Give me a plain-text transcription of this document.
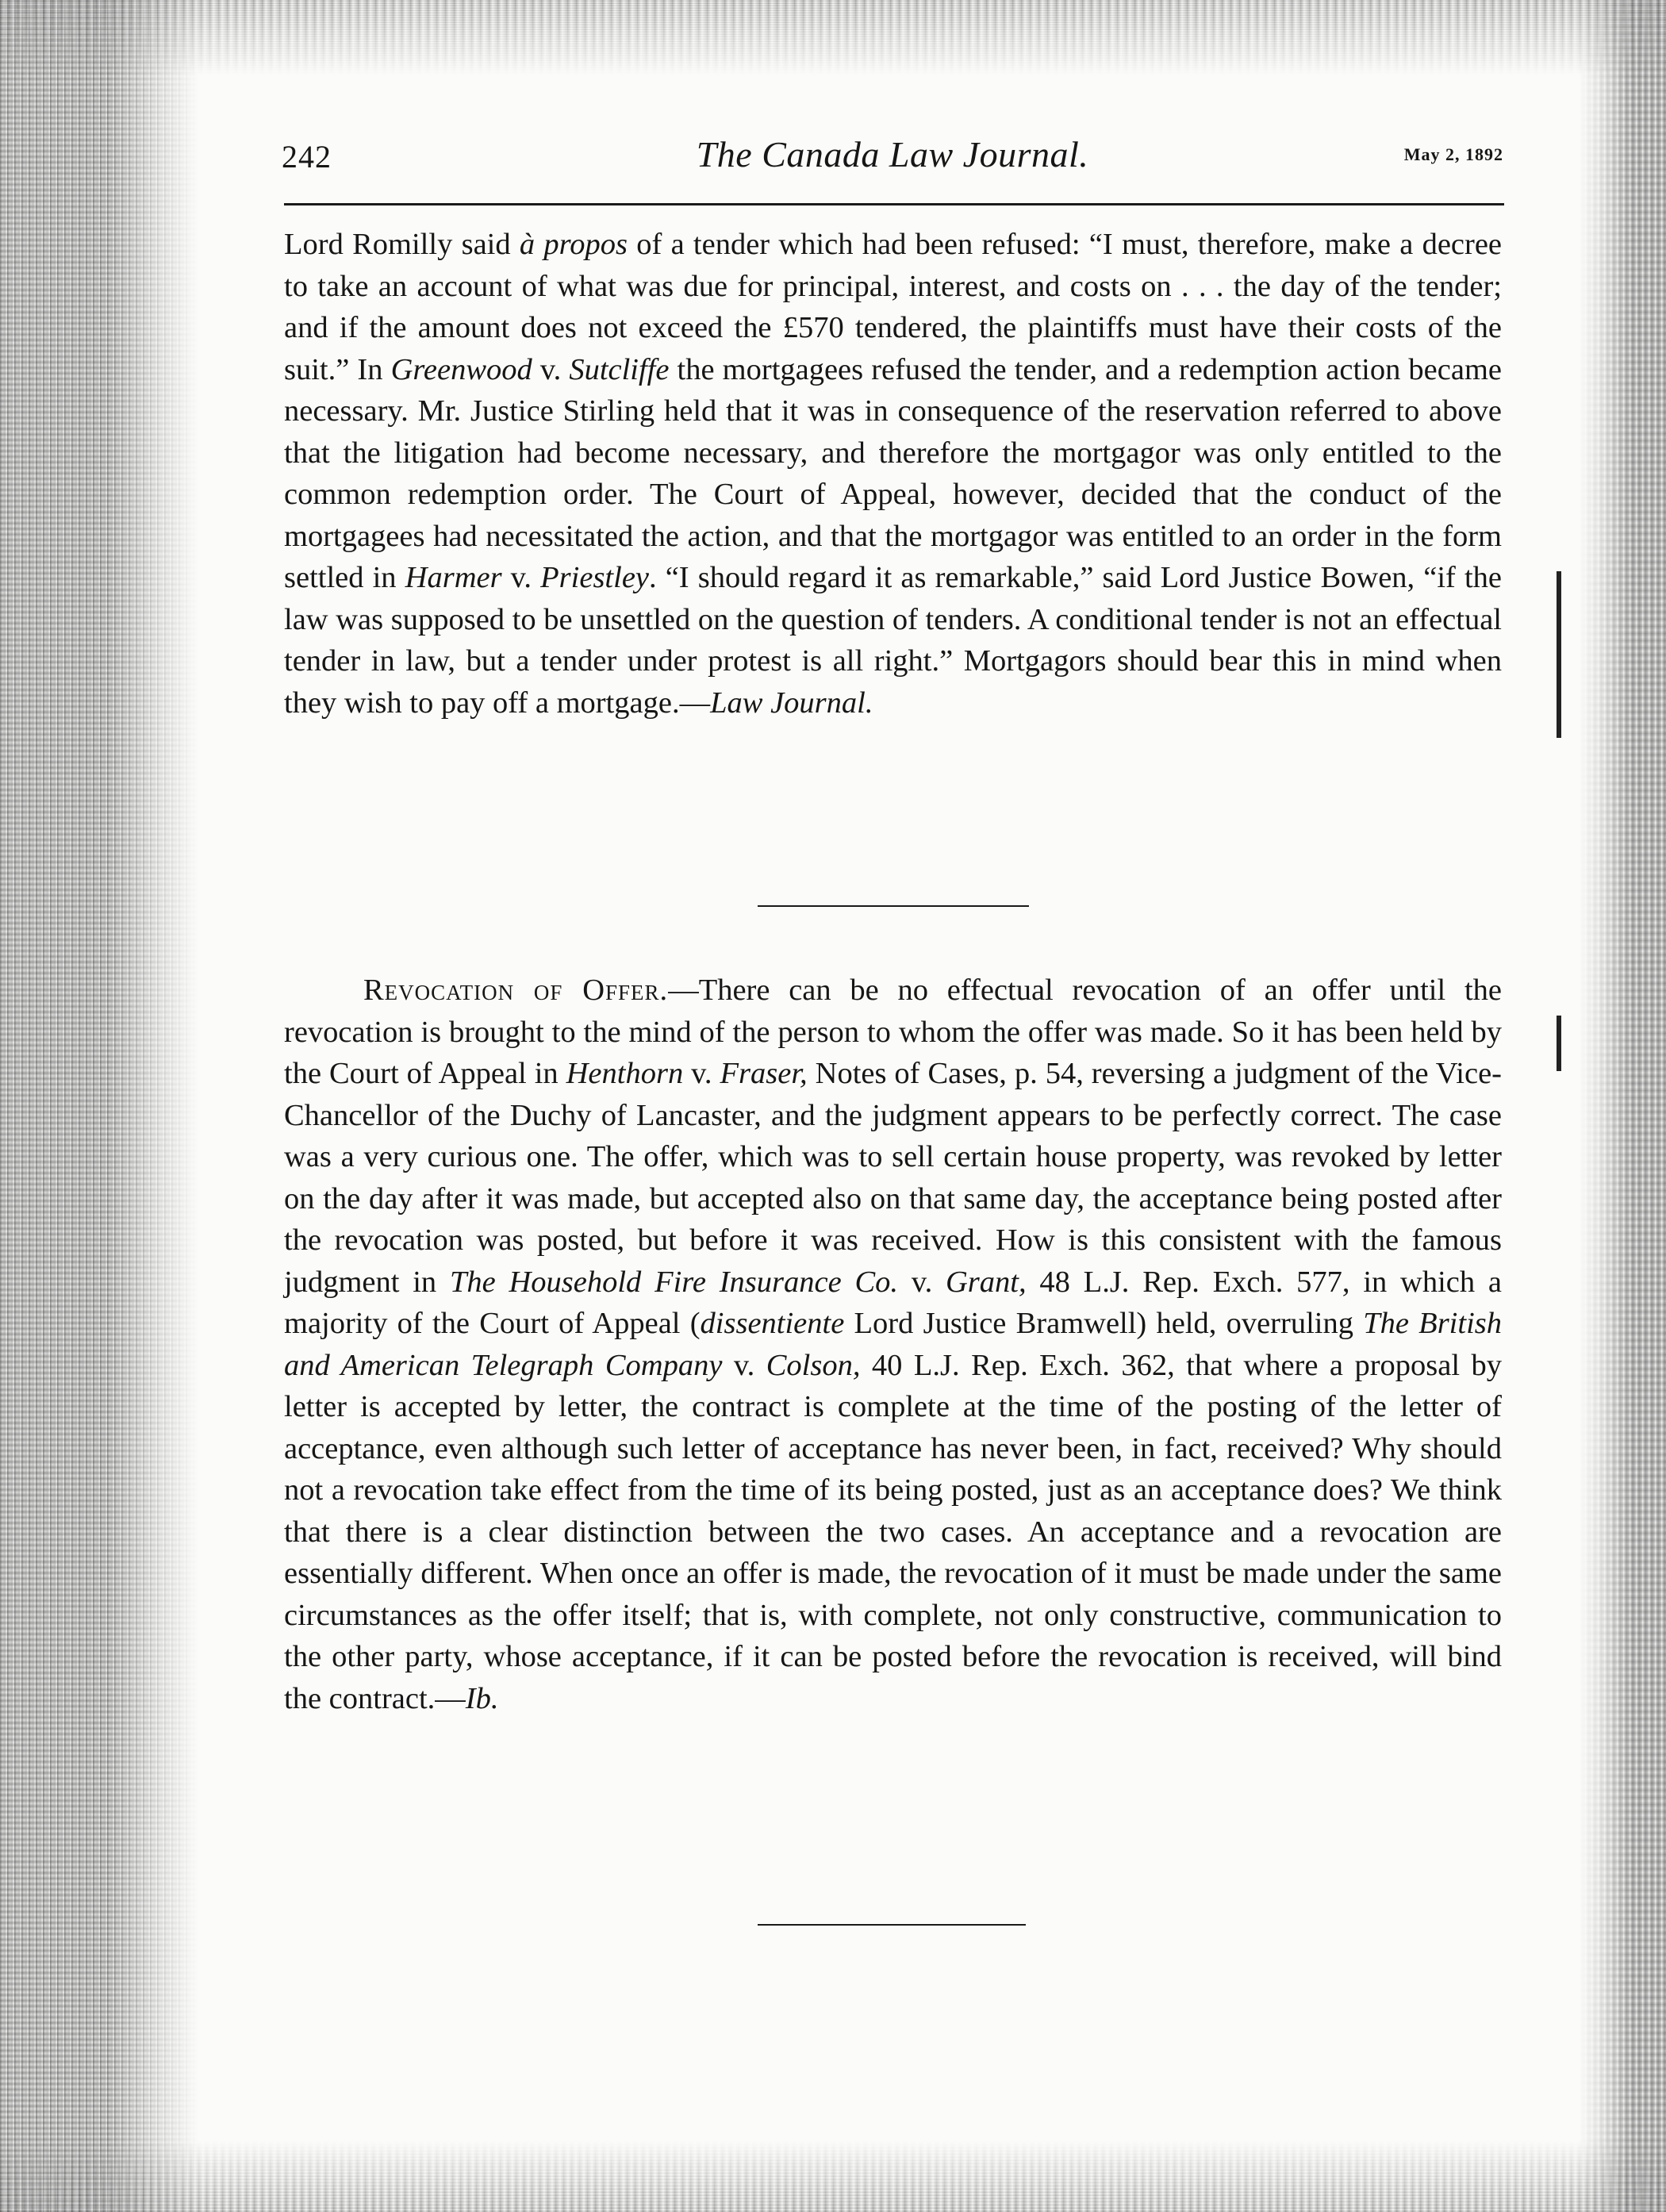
242	The Canada Law Journal.	May 2, 1892

Lord Romilly said à propos of a tender which had been refused: “I must, therefore, make a decree to take an account of what was due for principal, interest, and costs on . . . the day of the tender; and if the amount does not exceed the £570 tendered, the plaintiffs must have their costs of the suit.” In Greenwood v. Sutcliffe the mortgagees refused the tender, and a redemption action became necessary. Mr. Justice Stirling held that it was in consequence of the reservation referred to above that the litigation had become necessary, and therefore the mortgagor was only entitled to the common redemption order. The Court of Appeal, however, decided that the conduct of the mortgagees had necessitated the action, and that the mortgagor was entitled to an order in the form settled in Harmer v. Priestley. “I should regard it as remarkable,” said Lord Justice Bowen, “if the law was supposed to be unsettled on the question of tenders. A conditional tender is not an effectual tender in law, but a tender under protest is all right.” Mortgagors should bear this in mind when they wish to pay off a mortgage.—Law Journal.

Revocation of Offer.—There can be no effectual revocation of an offer until the revocation is brought to the mind of the person to whom the offer was made. So it has been held by the Court of Appeal in Henthorn v. Fraser, Notes of Cases, p. 54, reversing a judgment of the Vice-Chancellor of the Duchy of Lancaster, and the judgment appears to be perfectly correct. The case was a very curious one. The offer, which was to sell certain house property, was revoked by letter on the day after it was made, but accepted also on that same day, the acceptance being posted after the revocation was posted, but before it was received. How is this consistent with the famous judgment in The Household Fire Insurance Co. v. Grant, 48 L.J. Rep. Exch. 577, in which a majority of the Court of Appeal (dissentiente Lord Justice Bramwell) held, overruling The British and American Telegraph Company v. Colson, 40 L.J. Rep. Exch. 362, that where a proposal by letter is accepted by letter, the contract is complete at the time of the posting of the letter of acceptance, even although such letter of acceptance has never been, in fact, received? Why should not a revocation take effect from the time of its being posted, just as an acceptance does? We think that there is a clear distinction between the two cases. An acceptance and a revocation are essentially different. When once an offer is made, the revocation of it must be made under the same circumstances as the offer itself; that is, with complete, not only constructive, communication to the other party, whose acceptance, if it can be posted before the revocation is received, will bind the contract.—Ib.
